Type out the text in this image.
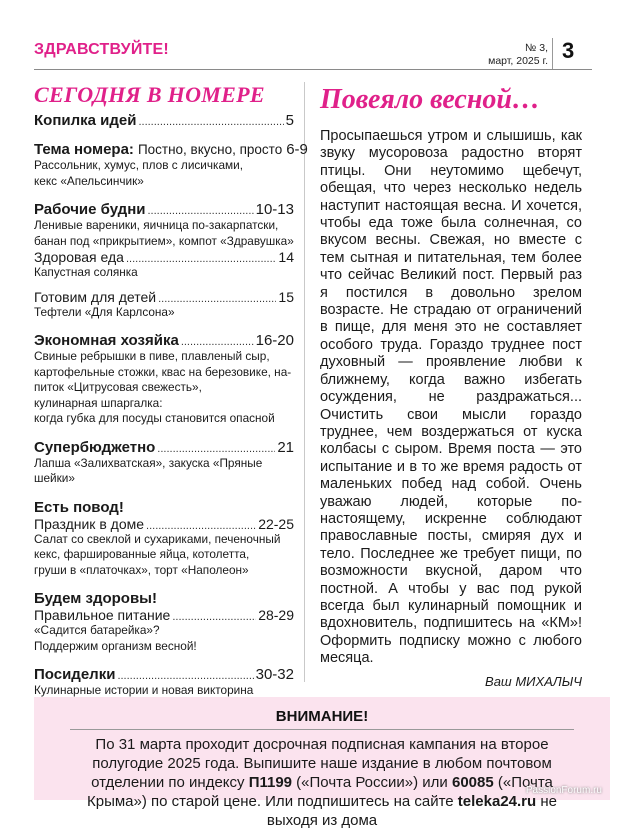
ЗДРАВСТВУЙТЕ!	№ 3,
март, 2025 г. 3
СЕГОДНЯ В НОМЕРЕ
Копилка идей .....	5
Тема номера: Постно, вкусно, просто 6-9
Рассольник, хумус, плов с лисичками,
кекс «Апельсинчик»
Рабочие будни .....	10-13
Ленивые вареники, яичница по-закарпатски,
банан под «прикрытием», компот «Здравушка»
Здоровая еда .....	14
Капустная солянка
Готовим для детей .....	15
Тефтели «Для Карлсона»
Экономная хозяйка .....	16-20
Свиные ребрышки в пиве, плавленый сыр,
картофельные стожки, квас на березовике, на-
питок «Цитрусовая свежесть»,
кулинарная шпаргалка:
когда губка для посуды становится опасной
Супербюджетно .....	21
Лапша «Залихватская», закуска «Пряные шейки»
Есть повод!
Праздник в доме .....	22-25
Салат со свеклой и сухариками, печеночный
кекс, фаршированные яйца, котолетта,
груши в «платочках», торт «Наполеон»
Будем здоровы!
Правильное питание .....	28-29
«Садится батарейка»?
Поддержим организм весной!
Посиделки .....	30-32
Кулинарные истории и новая викторина
Повеяло весной…

Просыпаешься утром и слышишь, как звуку мусоровоза радостно вторят птицы. Они неутомимо щебечут, обещая, что через несколько недель наступит настоящая весна. И хочется, чтобы еда тоже была солнечная, со вкусом весны. Свежая, но вместе с тем сытная и питательная, тем более что сейчас Великий пост. Первый раз я постился в довольно зрелом возрасте. Не страдаю от ограничений в пище, для меня это не составляет особого труда. Гораздо труднее пост духовный — проявление любви к ближнему, когда важно избегать осуждения, не раздражаться... Очистить свои мысли гораздо труднее, чем воздержаться от куска колбасы с сыром. Время поста — это испытание и в то же время радость от маленьких побед над собой. Очень уважаю людей, которые по-настоящему, искренне соблюдают православные посты, смиряя дух и тело. Последнее же требует пищи, по возможности вкусной, даром что постной. А чтобы у вас под рукой всегда был кулинарный помощник и вдохновитель, подпишитесь на «КМ»! Оформить подписку можно с любого месяца.

Ваш МИХАЛЫЧ
ВНИМАНИЕ!
По 31 марта проходит досрочная подписная кампания на второе полугодие 2025 года. Выпишите наше издание в любом почтовом отделении по индексу П1199 («Почта России») или 60085 («Почта Крыма») по старой цене. Или подпишитесь на сайте teleka24.ru не выходя из дома
PassionForum.ru
